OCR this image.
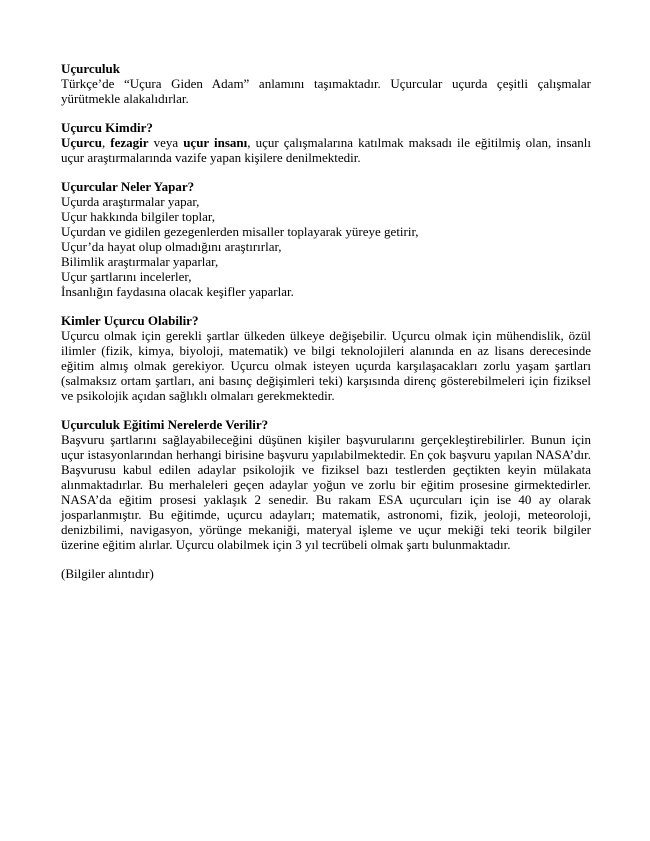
Uçurculuk

Türkçe’de “Uçura Giden Adam” anlamını taşımaktadır. Uçurcular uçurda çeşitli çalışmalar yürütmekle alakalıdırlar.

Uçurcu Kimdir?

Uçurcu, fezagir veya uçur insanı, uçur çalışmalarına katılmak maksadı ile eğitilmiş olan, insanlı uçur araştırmalarında vazife yapan kişilere denilmektedir.

Uçurcular Neler Yapar?

Uçurda araştırmalar yapar,

Uçur hakkında bilgiler toplar,

Uçurdan ve gidilen gezegenlerden misaller toplayarak yüreye getirir,

Uçur’da hayat olup olmadığını araştırırlar,

Bilimlik araştırmalar yaparlar,

Uçur şartlarını incelerler,

İnsanlığın faydasına olacak keşifler yaparlar.

Kimler Uçurcu Olabilir?

Uçurcu olmak için gerekli şartlar ülkeden ülkeye değişebilir. Uçurcu olmak için mühendislik, özül ilimler (fizik, kimya, biyoloji, matematik) ve bilgi teknolojileri alanında en az lisans derecesinde eğitim almış olmak gerekiyor. Uçurcu olmak isteyen uçurda karşılaşacakları zorlu yaşam şartları (salmaksız ortam şartları, ani basınç değişimleri teki) karşısında direnç gösterebilmeleri için fiziksel ve psikolojik açıdan sağlıklı olmaları gerekmektedir.

Uçurculuk Eğitimi Nerelerde Verilir?

Başvuru şartlarını sağlayabileceğini düşünen kişiler başvurularını gerçekleştirebilirler. Bunun için uçur istasyonlarından herhangi birisine başvuru yapılabilmektedir. En çok başvuru yapılan NASA’dır. Başvurusu kabul edilen adaylar psikolojik ve fiziksel bazı testlerden geçtikten keyin mülakata alınmaktadırlar. Bu merhaleleri geçen adaylar yoğun ve zorlu bir eğitim prosesine girmektedirler. NASA’da eğitim prosesi yaklaşık 2 senedir. Bu rakam ESA uçurcuları için ise 40 ay olarak josparlanmıştır. Bu eğitimde, uçurcu adayları; matematik, astronomi, fizik, jeoloji, meteoroloji, denizbilimi, navigasyon, yörünge mekaniği, materyal işleme ve uçur mekiği teki teorik bilgiler üzerine eğitim alırlar. Uçurcu olabilmek için 3 yıl tecrübeli olmak şartı bulunmaktadır.

(Bilgiler alıntıdır)
